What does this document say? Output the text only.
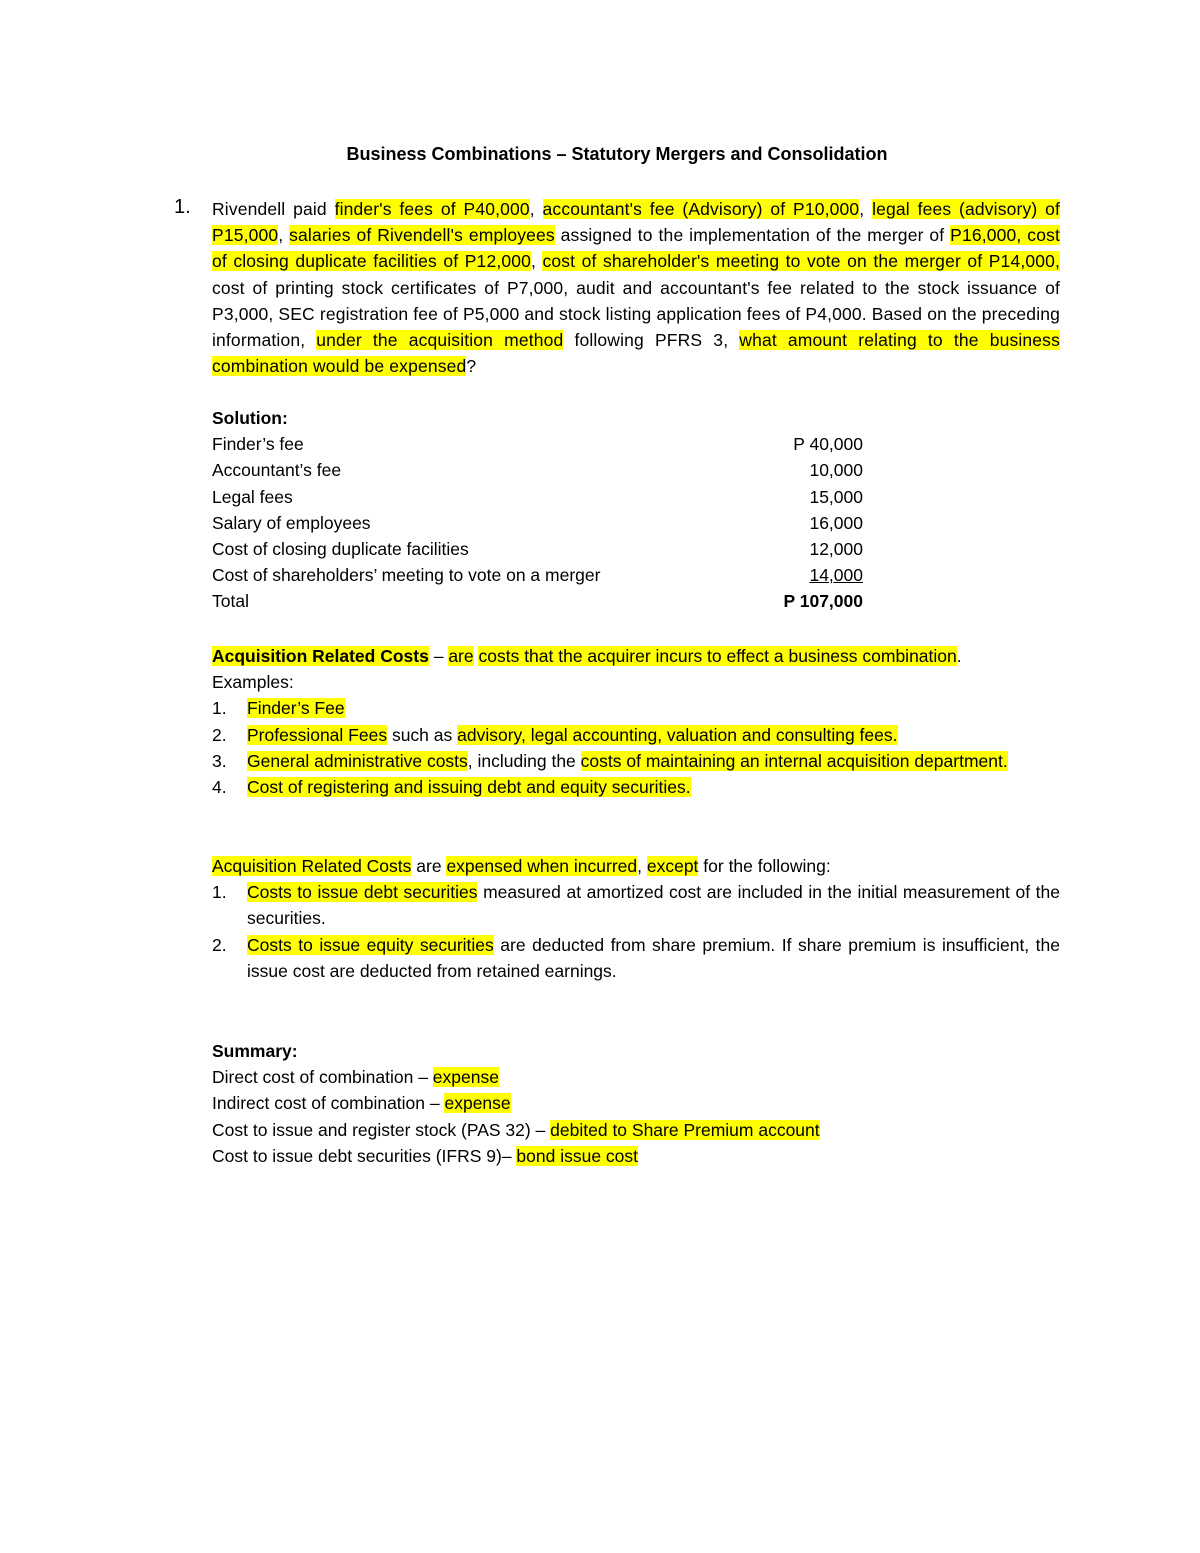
Business Combinations – Statutory Mergers and Consolidation
1. Rivendell paid finder's fees of P40,000, accountant's fee (Advisory) of P10,000, legal fees (advisory) of P15,000, salaries of Rivendell's employees assigned to the implementation of the merger of P16,000, cost of closing duplicate facilities of P12,000, cost of shareholder's meeting to vote on the merger of P14,000, cost of printing stock certificates of P7,000, audit and accountant's fee related to the stock issuance of P3,000, SEC registration fee of P5,000 and stock listing application fees of P4,000. Based on the preceding information, under the acquisition method following PFRS 3, what amount relating to the business combination would be expensed?
Solution:
Finder’s fee	P 40,000
Accountant’s fee	10,000
Legal fees	15,000
Salary of employees	16,000
Cost of closing duplicate facilities	12,000
Cost of shareholders’ meeting to vote on a merger	14,000
Total	P 107,000
Acquisition Related Costs – are costs that the acquirer incurs to effect a business combination.
Examples:
1. Finder’s Fee
2. Professional Fees such as advisory, legal accounting, valuation and consulting fees.
3. General administrative costs, including the costs of maintaining an internal acquisition department.
4. Cost of registering and issuing debt and equity securities.
Acquisition Related Costs are expensed when incurred, except for the following:
1. Costs to issue debt securities measured at amortized cost are included in the initial measurement of the securities.
2. Costs to issue equity securities are deducted from share premium. If share premium is insufficient, the issue cost are deducted from retained earnings.
Summary:
Direct cost of combination – expense
Indirect cost of combination – expense
Cost to issue and register stock (PAS 32) – debited to Share Premium account
Cost to issue debt securities (IFRS 9)– bond issue cost
